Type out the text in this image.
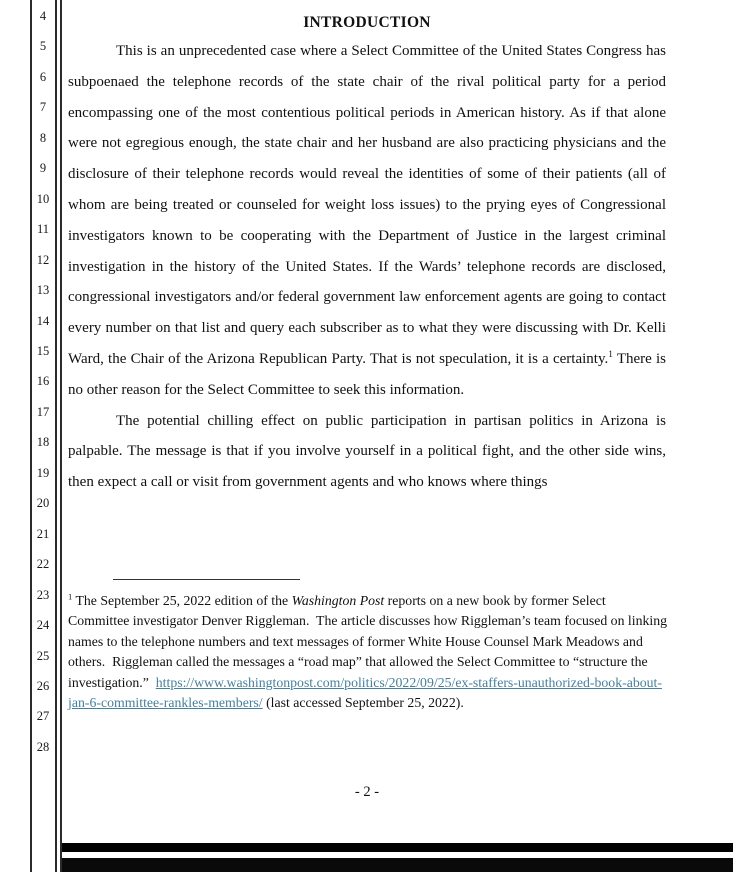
4
5
6
7
8
9
10
11
12
13
14
15
16
17
18
19
20
21
22
23
24
25
26
27
28
INTRODUCTION

This is an unprecedented case where a Select Committee of the United States Congress has subpoenaed the telephone records of the state chair of the rival political party for a period encompassing one of the most contentious political periods in American history. As if that alone were not egregious enough, the state chair and her husband are also practicing physicians and the disclosure of their telephone records would reveal the identities of some of their patients (all of whom are being treated or counseled for weight loss issues) to the prying eyes of Congressional investigators known to be cooperating with the Department of Justice in the largest criminal investigation in the history of the United States. If the Wards’ telephone records are disclosed, congressional investigators and/or federal government law enforcement agents are going to contact every number on that list and query each subscriber as to what they were discussing with Dr. Kelli Ward, the Chair of the Arizona Republican Party. That is not speculation, it is a certainty.$^1$ There is no other reason for the Select Committee to seek this information.

The potential chilling effect on public participation in partisan politics in Arizona is palpable. The message is that if you involve yourself in a political fight, and the other side wins, then expect a call or visit from government agents and who knows where things

$^1$ The September 25, 2022 edition of the Washington Post reports on a new book by former Select Committee investigator Denver Riggleman.  The article discusses how Riggleman’s team focused on linking names to the telephone numbers and text messages of former White House Counsel Mark Meadows and others.  Riggleman called the messages a “road map” that allowed the Select Committee to “structure the investigation.”  https://www.washingtonpost.com/politics/2022/09/25/ex-staffers-unauthorized-book-about-jan-6-committee-rankles-members/ (last accessed September 25, 2022).
- 2 -
